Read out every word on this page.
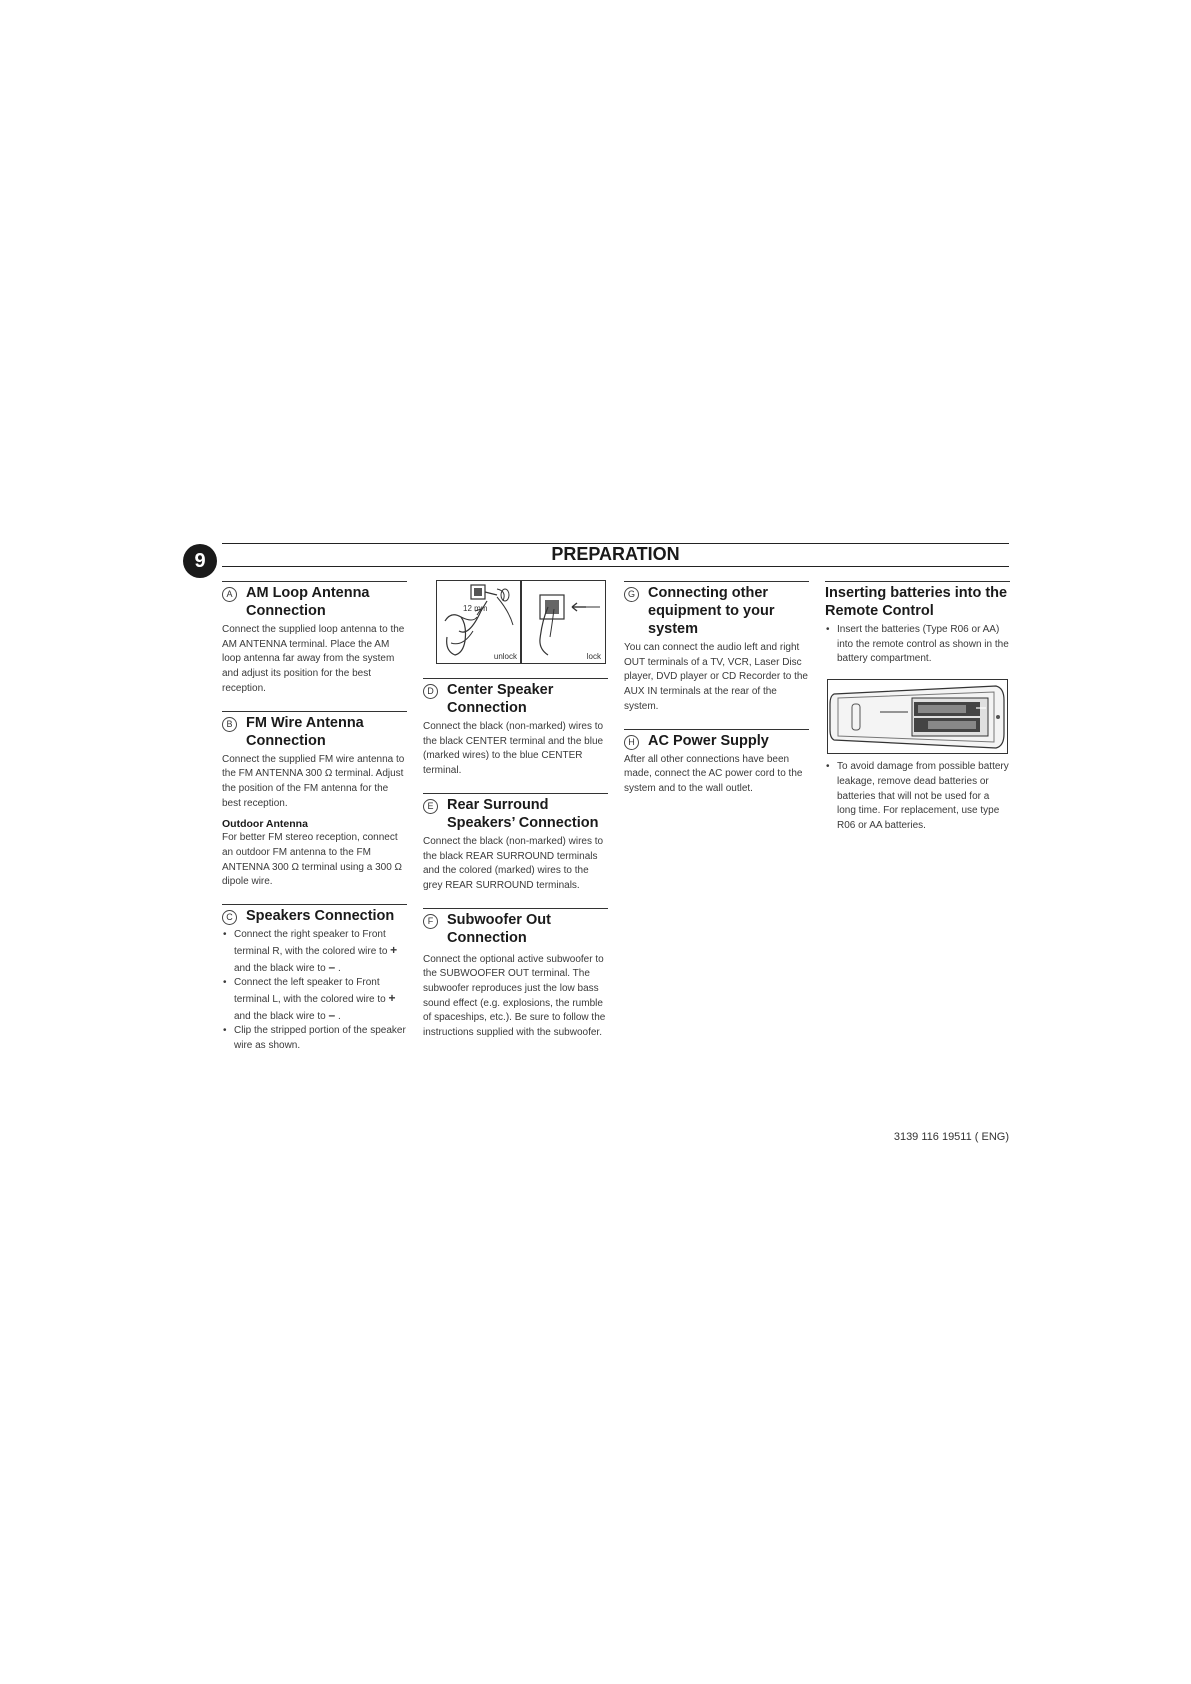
9	PREPARATION
A AM Loop Antenna Connection

Connect the supplied loop antenna to the AM ANTENNA terminal. Place the AM loop antenna far away from the system and adjust its position for the best reception.

B FM Wire Antenna Connection

Connect the supplied FM wire antenna to the FM ANTENNA 300 Ω terminal. Adjust the position of the FM antenna for the best reception.

Outdoor Antenna

For better FM stereo reception, connect an outdoor FM antenna to the FM ANTENNA 300 Ω terminal using a 300 Ω dipole wire.

C Speakers Connection
• Connect the right speaker to Front terminal R, with the colored wire to + and the black wire to – .
• Connect the left speaker to Front terminal L, with the colored wire to + and the black wire to – .
• Clip the stripped portion of the speaker wire as shown.
12 mm
unlock	lock
D Center Speaker Connection

Connect the black (non-marked) wires to the black CENTER terminal and the blue (marked wires) to the blue CENTER terminal.

E Rear Surround Speakers’ Connection

Connect the black (non-marked) wires to the black REAR SURROUND terminals and the colored (marked) wires to the grey REAR SURROUND terminals.

F Subwoofer Out Connection

Connect the optional active subwoofer to the SUBWOOFER OUT terminal. The subwoofer reproduces just the low bass sound effect (e.g. explosions, the rumble of spaceships, etc.). Be sure to follow the instructions supplied with the subwoofer.

G Connecting other equipment to your system

You can connect the audio left and right OUT terminals of a TV, VCR, Laser Disc player, DVD player or CD Recorder to the AUX IN terminals at the rear of the system.

H AC Power Supply

After all other connections have been made, connect the AC power cord to the system and to the wall outlet.

Inserting batteries into the Remote Control
• Insert the batteries (Type R06 or AA) into the remote control as shown in the battery compartment.
• To avoid damage from possible battery leakage, remove dead batteries or batteries that will not be used for a long time. For replacement, use type R06 or AA batteries.
3139 116 19511 ( ENG)
